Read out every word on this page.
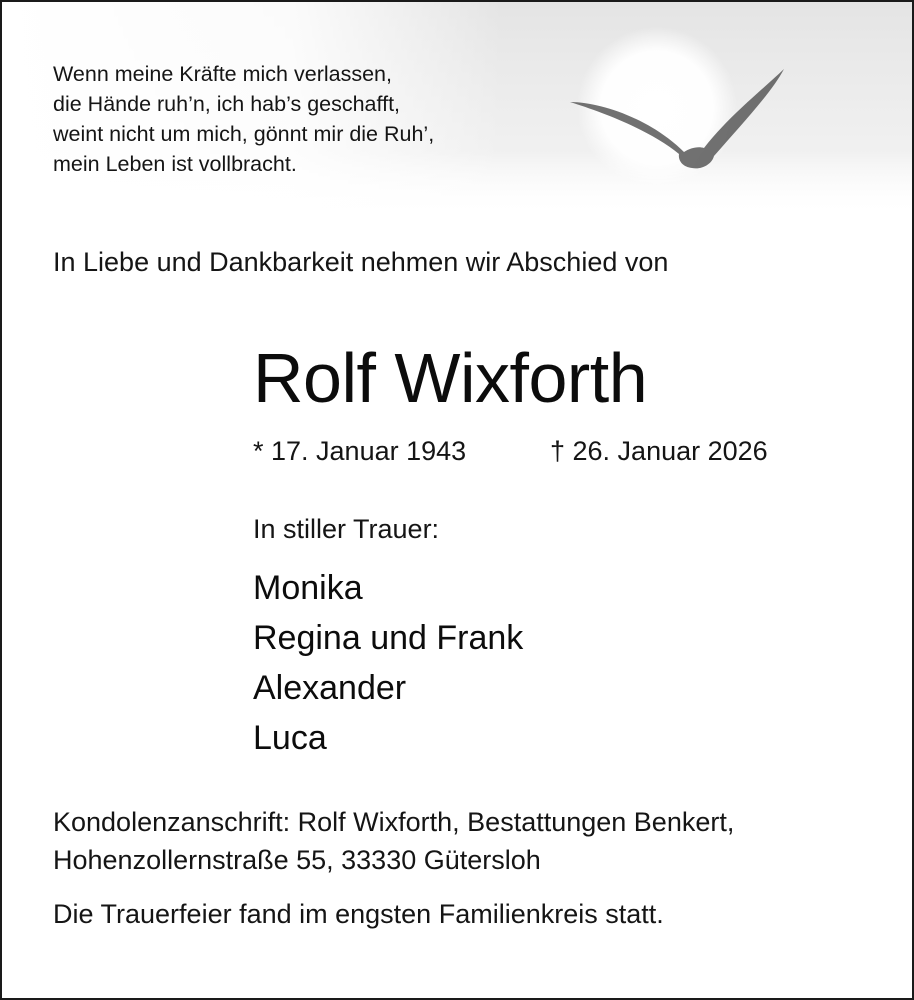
Wenn meine Kräfte mich verlassen,
die Hände ruh’n, ich hab’s geschafft,
weint nicht um mich, gönnt mir die Ruh’,
mein Leben ist vollbracht.
In Liebe und Dankbarkeit nehmen wir Abschied von
Rolf Wixforth
* 17. Januar 1943	† 26. Januar 2026
In stiller Trauer:
Monika
Regina und Frank
Alexander
Luca
Kondolenzanschrift: Rolf Wixforth, Bestattungen Benkert,
Hohenzollernstraße 55, 33330 Gütersloh
Die Trauerfeier fand im engsten Familienkreis statt.
